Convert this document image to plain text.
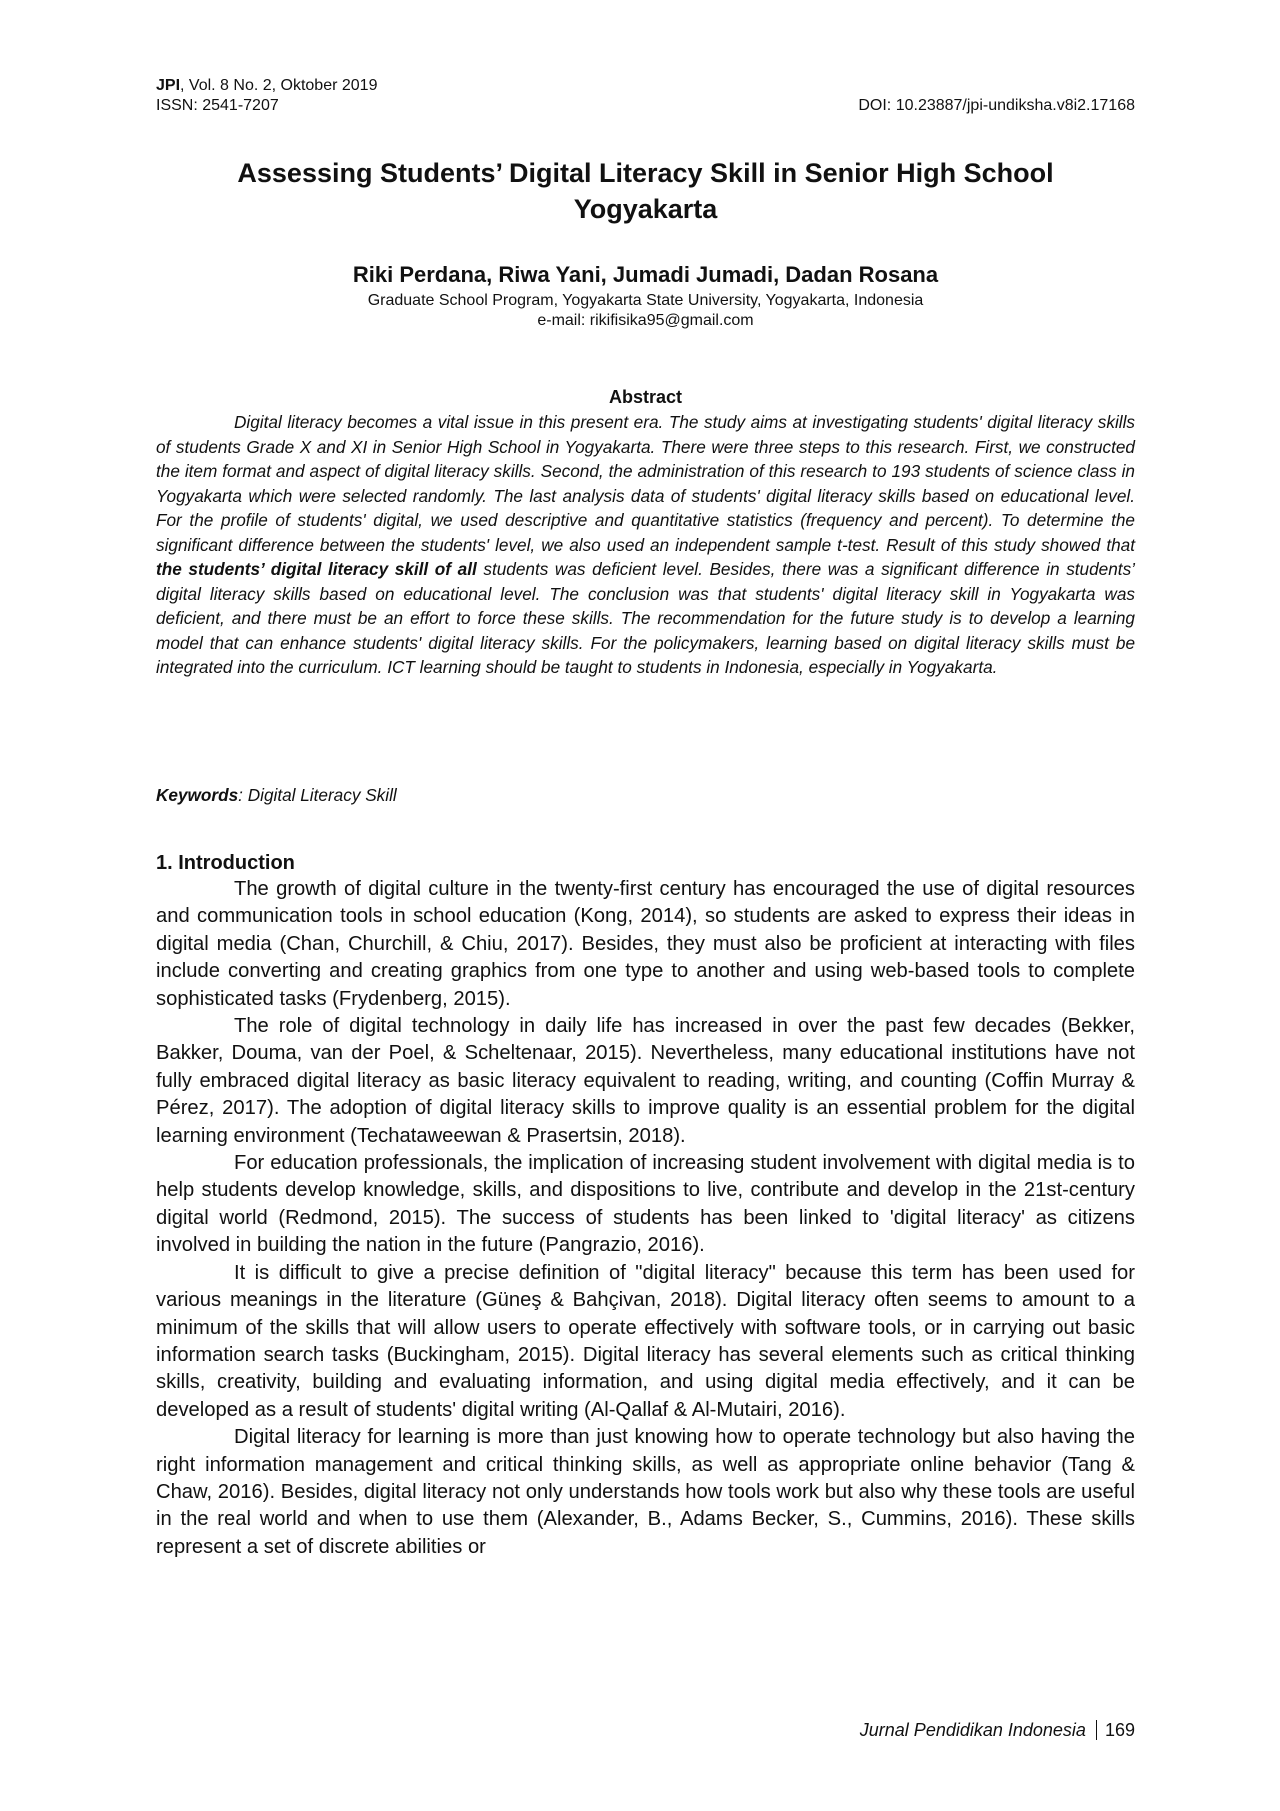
JPI, Vol. 8 No. 2, Oktober 2019
ISSN: 2541-7207	DOI: 10.23887/jpi-undiksha.v8i2.17168
Assessing Students’ Digital Literacy Skill in Senior High School
Yogyakarta
Riki Perdana, Riwa Yani, Jumadi Jumadi, Dadan Rosana
Graduate School Program, Yogyakarta State University, Yogyakarta, Indonesia
e-mail: rikifisika95@gmail.com
Abstract

Digital literacy becomes a vital issue in this present era. The study aims at investigating students' digital literacy skills of students Grade X and XI in Senior High School in Yogyakarta. There were three steps to this research. First, we constructed the item format and aspect of digital literacy skills. Second, the administration of this research to 193 students of science class in Yogyakarta which were selected randomly. The last analysis data of students' digital literacy skills based on educational level. For the profile of students' digital, we used descriptive and quantitative statistics (frequency and percent). To determine the significant difference between the students' level, we also used an independent sample t-test. Result of this study showed that the students’ digital literacy skill of all students was deficient level. Besides, there was a significant difference in students’ digital literacy skills based on educational level. The conclusion was that students' digital literacy skill in Yogyakarta was deficient, and there must be an effort to force these skills. The recommendation for the future study is to develop a learning model that can enhance students' digital literacy skills. For the policymakers, learning based on digital literacy skills must be integrated into the curriculum. ICT learning should be taught to students in Indonesia, especially in Yogyakarta.

Keywords: Digital Literacy Skill
1. Introduction

The growth of digital culture in the twenty-first century has encouraged the use of digital resources and communication tools in school education (Kong, 2014), so students are asked to express their ideas in digital media (Chan, Churchill, & Chiu, 2017). Besides, they must also be proficient at interacting with files include converting and creating graphics from one type to another and using web-based tools to complete sophisticated tasks (Frydenberg, 2015).

The role of digital technology in daily life has increased in over the past few decades (Bekker, Bakker, Douma, van der Poel, & Scheltenaar, 2015). Nevertheless, many educational institutions have not fully embraced digital literacy as basic literacy equivalent to reading, writing, and counting (Coffin Murray & Pérez, 2017). The adoption of digital literacy skills to improve quality is an essential problem for the digital learning environment (Techataweewan & Prasertsin, 2018).

For education professionals, the implication of increasing student involvement with digital media is to help students develop knowledge, skills, and dispositions to live, contribute and develop in the 21st-century digital world (Redmond, 2015). The success of students has been linked to 'digital literacy' as citizens involved in building the nation in the future (Pangrazio, 2016).

It is difficult to give a precise definition of "digital literacy" because this term has been used for various meanings in the literature (Güneş & Bahçivan, 2018). Digital literacy often seems to amount to a minimum of the skills that will allow users to operate effectively with software tools, or in carrying out basic information search tasks (Buckingham, 2015). Digital literacy has several elements such as critical thinking skills, creativity, building and evaluating information, and using digital media effectively, and it can be developed as a result of students' digital writing (Al-Qallaf & Al-Mutairi, 2016).

Digital literacy for learning is more than just knowing how to operate technology but also having the right information management and critical thinking skills, as well as appropriate online behavior (Tang & Chaw, 2016). Besides, digital literacy not only understands how tools work but also why these tools are useful in the real world and when to use them (Alexander, B., Adams Becker, S., Cummins, 2016). These skills represent a set of discrete abilities or

Jurnal Pendidikan Indonesia 169
